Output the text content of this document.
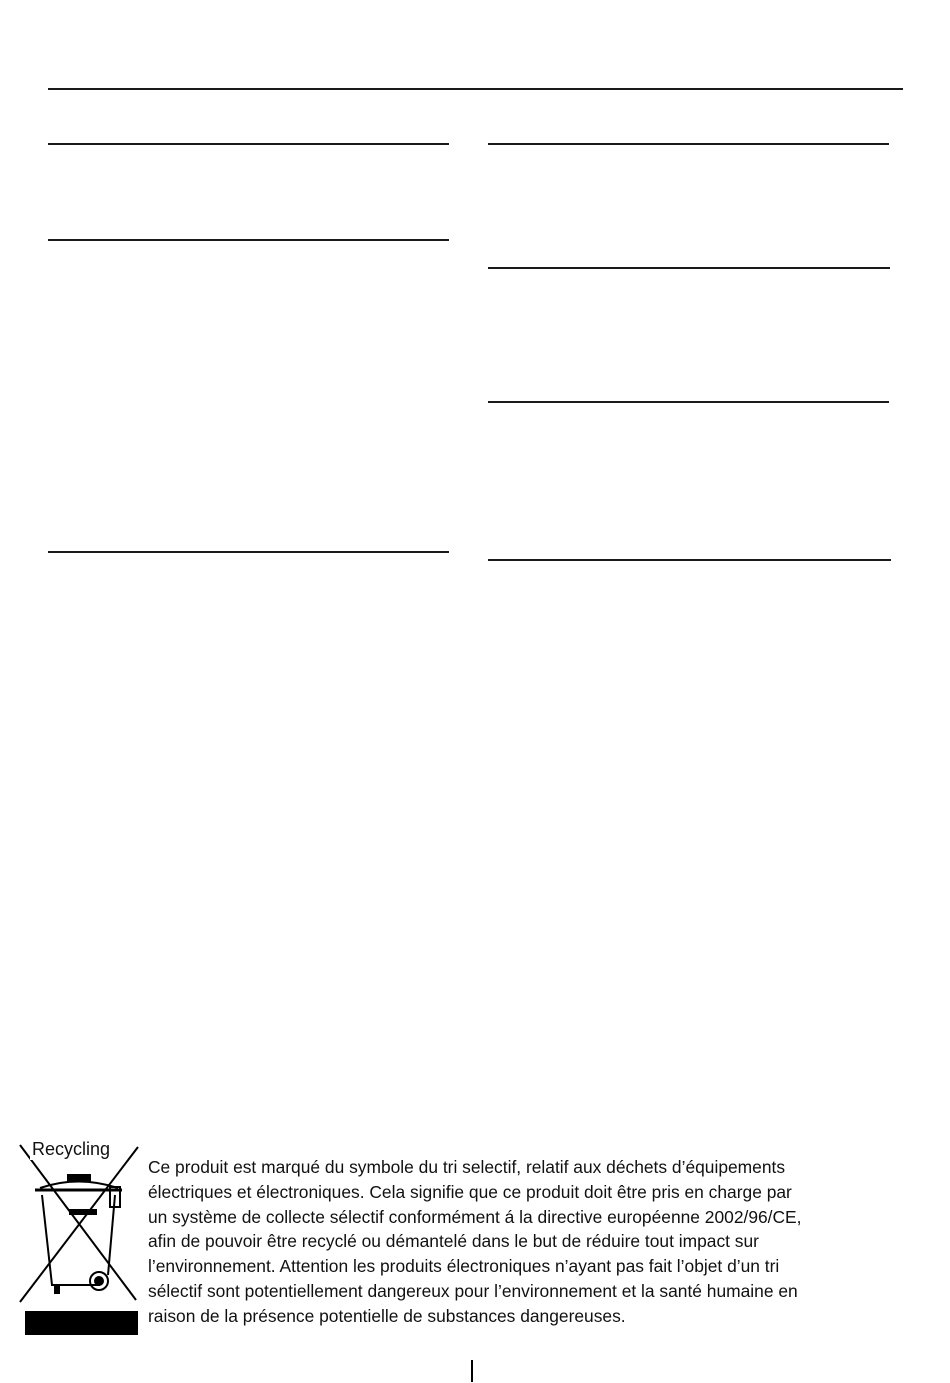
Recycling

Ce produit est marqué du symbole du tri selectif, relatif aux déchets d’équipements
électriques et électroniques. Cela signifie que ce produit doit être pris en charge par
un système de collecte sélectif conformément á la directive européenne 2002/96/CE,
afin de pouvoir être recyclé ou démantelé dans le but de réduire tout impact sur
l’environnement. Attention les produits électroniques n’ayant pas fait l’objet d’un tri
sélectif sont potentiellement dangereux pour l’environnement et la santé humaine en
raison de la présence potentielle de substances dangereuses.
